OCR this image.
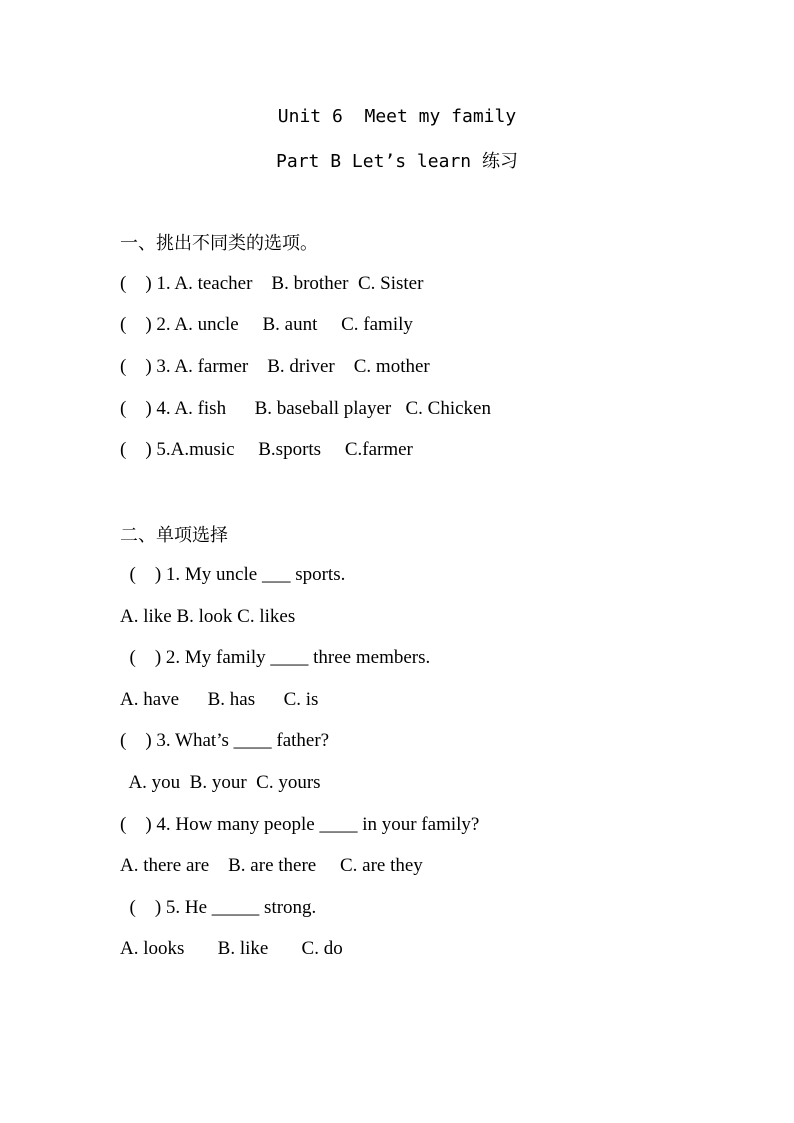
Unit 6  Meet my family
Part B Let’s learn 练习
一、挑出不同类的选项。
(    ) 1. A. teacher    B. brother  C. Sister
(    ) 2. A. uncle     B. aunt     C. family
(    ) 3. A. farmer    B. driver    C. mother
(    ) 4. A. fish      B. baseball player   C. Chicken
(    ) 5.A.music     B.sports     C.farmer
二、单项选择
(    ) 1. My uncle ___ sports.
A. like B. look C. likes
(    ) 2. My family ____ three members.
A. have      B. has      C. is
(    ) 3. What’s ____ father?
A. you  B. your  C. yours
(    ) 4. How many people ____ in your family?
A. there are    B. are there     C. are they
(    ) 5. He _____ strong.
A. looks       B. like       C. do
